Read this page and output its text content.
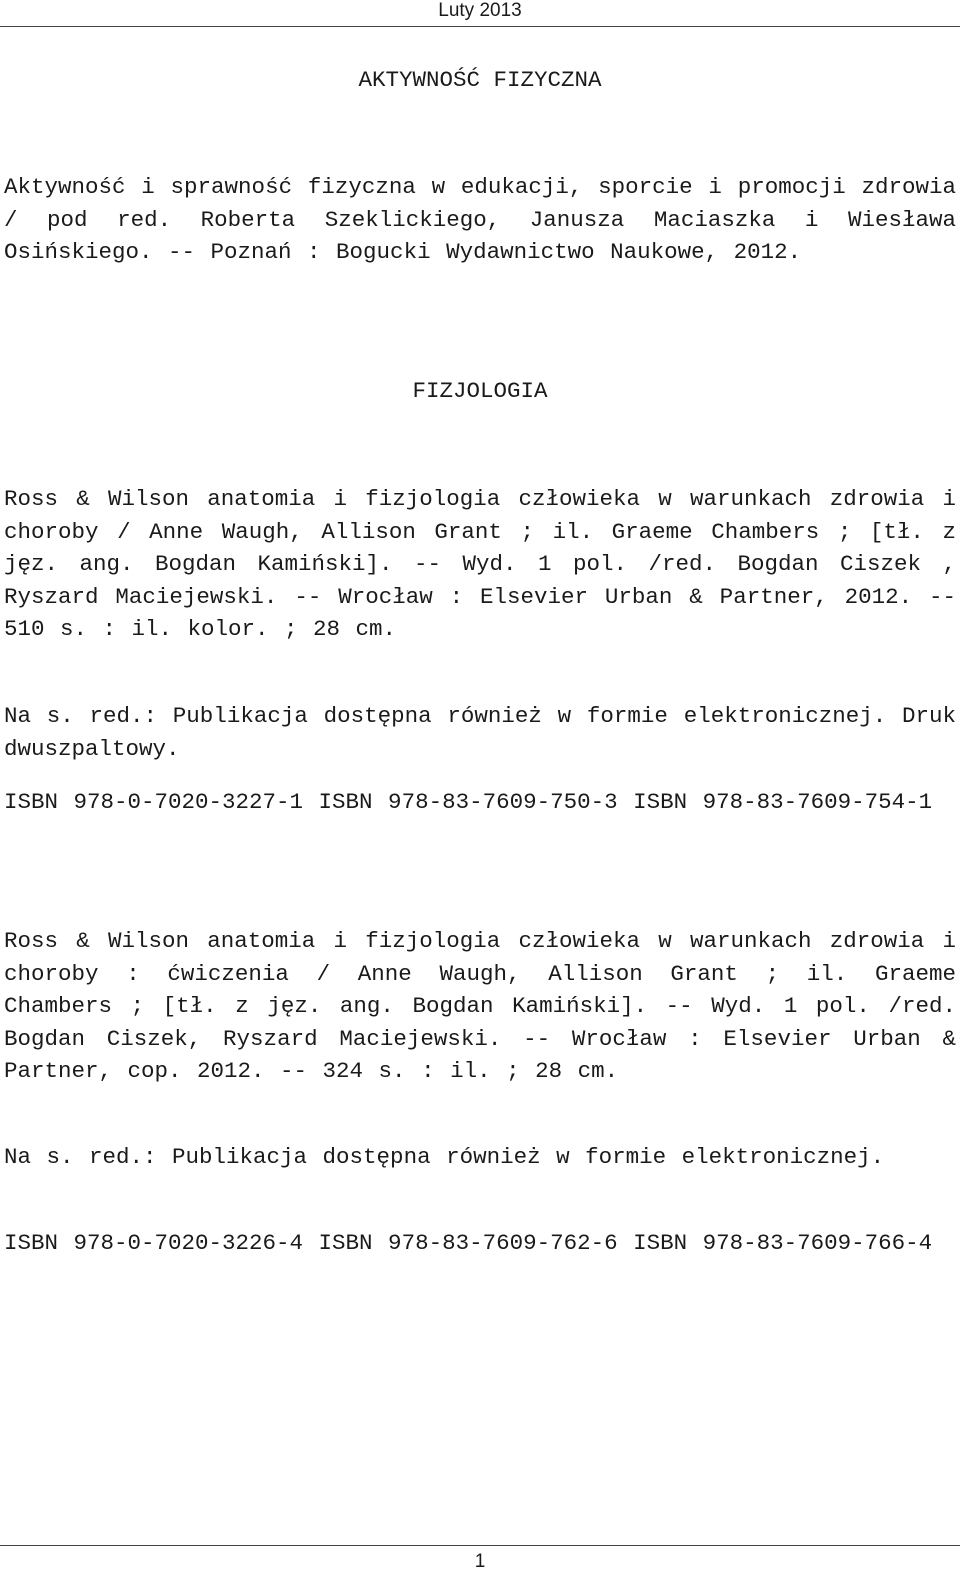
Luty 2013
AKTYWNOŚĆ FIZYCZNA

Aktywność i sprawność fizyczna w edukacji, sporcie i promocji zdrowia / pod red. Roberta Szeklickiego, Janusza Maciaszka i Wiesława Osińskiego. -- Poznań : Bogucki Wydawnictwo Naukowe, 2012.

FIZJOLOGIA

Ross & Wilson anatomia i fizjologia człowieka w warunkach zdrowia i choroby / Anne Waugh, Allison Grant ; il. Graeme Chambers ; [tł. z jęz. ang. Bogdan Kamiński]. -- Wyd. 1 pol. /red. Bogdan Ciszek , Ryszard Maciejewski. -- Wrocław : Elsevier Urban & Partner, 2012. -- 510 s. : il. kolor. ; 28 cm.

Na s. red.: Publikacja dostępna również w formie elektronicznej. Druk dwuszpaltowy.

ISBN 978-0-7020-3227-1 ISBN 978-83-7609-750-3 ISBN 978-83-7609-754-1

Ross & Wilson anatomia i fizjologia człowieka w warunkach zdrowia i choroby : ćwiczenia / Anne Waugh, Allison Grant ; il. Graeme Chambers ; [tł. z jęz. ang. Bogdan Kamiński]. -- Wyd. 1 pol. /red. Bogdan Ciszek, Ryszard Maciejewski. -- Wrocław : Elsevier Urban & Partner, cop. 2012. -- 324 s. : il. ; 28 cm.

Na s. red.: Publikacja dostępna również w formie elektronicznej.

ISBN 978-0-7020-3226-4 ISBN 978-83-7609-762-6 ISBN 978-83-7609-766-4

1
